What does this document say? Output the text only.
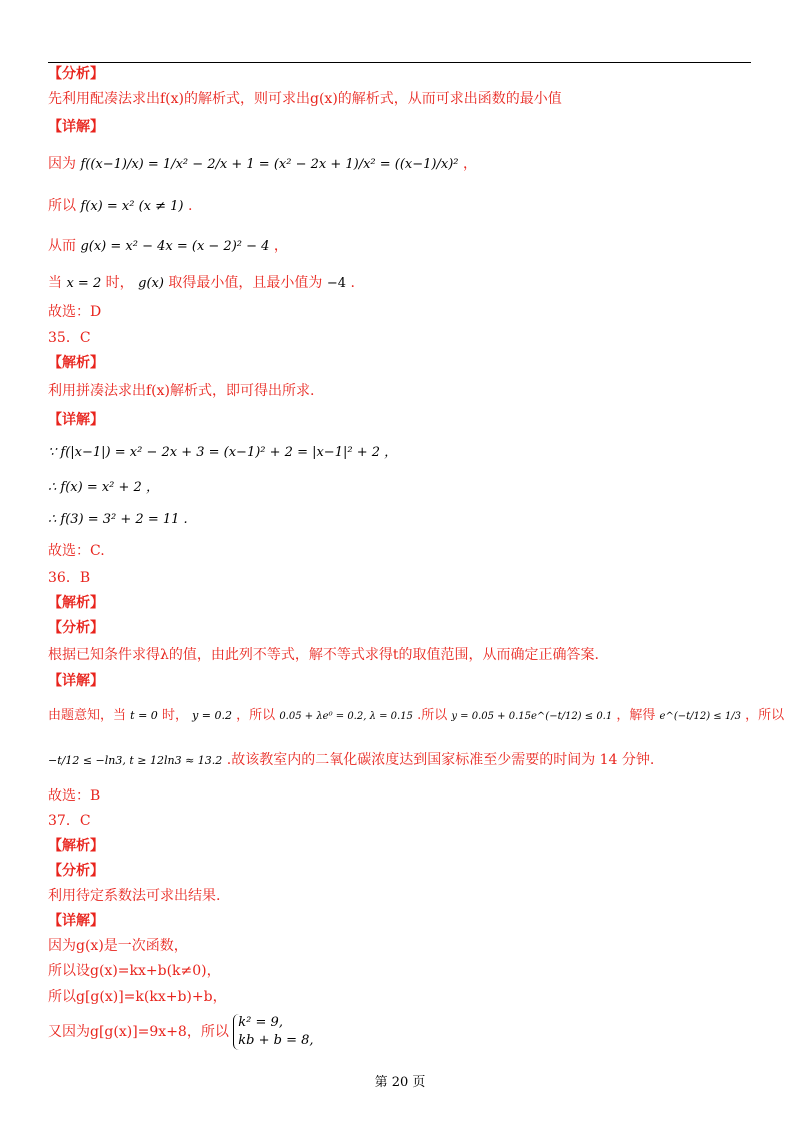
【分析】
先利用配凑法求出f(x)的解析式，则可求出g(x)的解析式，从而可求出函数的最小值
【详解】
因为 f((x−1)/x) = 1/x² − 2/x + 1 = (x² − 2x + 1)/x² = ((x−1)/x)² ，
所以 f(x) = x² (x ≠ 1) .
从而 g(x) = x² − 4x = (x − 2)² − 4 ，
当 x = 2 时， g(x) 取得最小值，且最小值为 −4 .
故选：D
35．C
【解析】
利用拼凑法求出f(x)解析式，即可得出所求.
【详解】
∵ f(|x−1|) = x² − 2x + 3 = (x−1)² + 2 = |x−1|² + 2 ，
∴ f(x) = x² + 2 ，
∴ f(3) = 3² + 2 = 11 .
故选：C.
36．B
【解析】
【分析】
根据已知条件求得λ的值，由此列不等式，解不等式求得t的取值范围，从而确定正确答案.
【详解】
由题意知，当 t = 0 时， y = 0.2 ，所以 0.05 + λe⁰ = 0.2, λ = 0.15 .所以 y = 0.05 + 0.15e^(−t/12) ≤ 0.1 ，解得 e^(−t/12) ≤ 1/3 ，所以
−t/12 ≤ −ln3, t ≥ 12ln3 ≈ 13.2 .故该教室内的二氧化碳浓度达到国家标准至少需要的时间为 14 分钟.
故选：B
37．C
【解析】
【分析】
利用待定系数法可求出结果.
【详解】
因为g(x)是一次函数，
所以设g(x)=kx+b(k≠0)，
所以g[g(x)]=k(kx+b)+b，
又因为g[g(x)]=9x+8，所以
k² = 9,
kb + b = 8,
第 20 页
